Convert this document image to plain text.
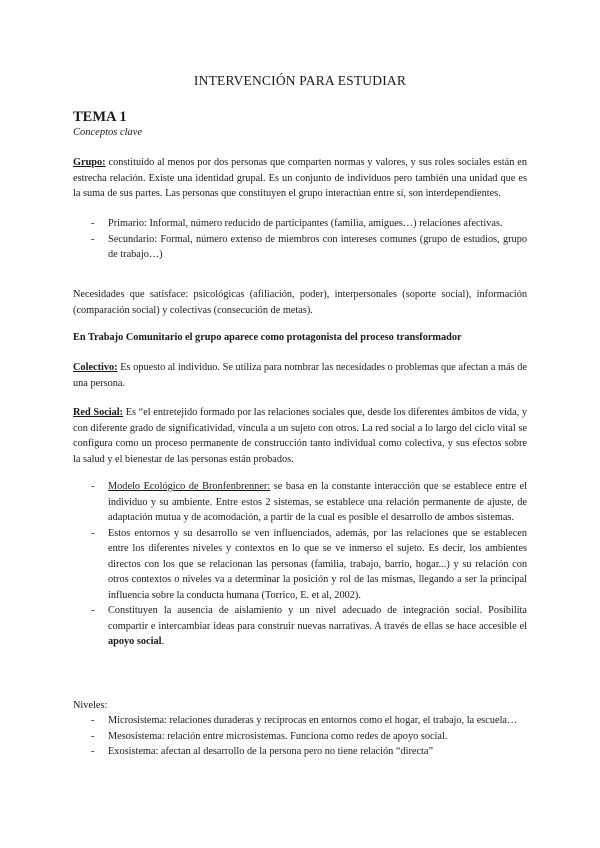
INTERVENCIÓN PARA ESTUDIAR
TEMA 1
Conceptos clave

Grupo: constituido al menos por dos personas que comparten normas y valores, y sus roles sociales están en estrecha relación. Existe una identidad grupal. Es un conjunto de individuos pero también una unidad que es la suma de sus partes. Las personas que constituyen el grupo interactúan entre sí, son interdependientes.

- Primario: Informal, número reducido de participantes (familia, amigues…) relaciones afectivas.
- Secundario: Formal, número extenso de miembros con intereses comunes (grupo de estudios, grupo de trabajo…)

Necesidades que satisface: psicológicas (afiliación, poder), interpersonales (soporte social), información (comparación social) y colectivas (consecución de metas).

En Trabajo Comunitario el grupo aparece como protagonista del proceso transformador

Colectivo: Es opuesto al individuo. Se utiliza para nombrar las necesidades o problemas que afectan a más de una persona.

Red Social: Es “el entretejido formado por las relaciones sociales que, desde los diferentes ámbitos de vida, y con diferente grado de significatividad, vincula a un sujeto con otros. La red social a lo largo del ciclo vital se configura como un proceso permanente de construcción tanto individual como colectiva, y sus efectos sobre la salud y el bienestar de las personas están probados.

- Modelo Ecológico de Bronfenbrenner: se basa en la constante interacción que se establece entre el individuo y su ambiente. Entre estos 2 sistemas, se establece una relación permanente de ajuste, de adaptación mutua y de acomodación, a partir de la cual es posible el desarrollo de ambos sistemas.
- Estos entornos y su desarrollo se ven influenciados, además, por las relaciones que se establecen entre los diferentes niveles y contextos en lo que se ve inmerso el sujeto. Es decir, los ambientes directos con los que se relacionan las personas (familia, trabajo, barrio, hogar...) y su relación con otros contextos o niveles va a determinar la posición y rol de las mismas, llegando a ser la principal influencia sobre la conducta humana (Torrico, E. et al, 2002).
- Constituyen la ausencia de aislamiento y un nivel adecuado de integración social. Posibilita compartir e intercambiar ideas para construir nuevas narrativas. A través de ellas se hace accesible el apoyo social.

Niveles:

- Microsistema: relaciones duraderas y recíprocas en entornos como el hogar, el trabajo, la escuela…
- Mesosistema: relación entre microsistemas. Funciona como redes de apoyo social.
- Exosistema: afectan al desarrollo de la persona pero no tiene relación “directa”
